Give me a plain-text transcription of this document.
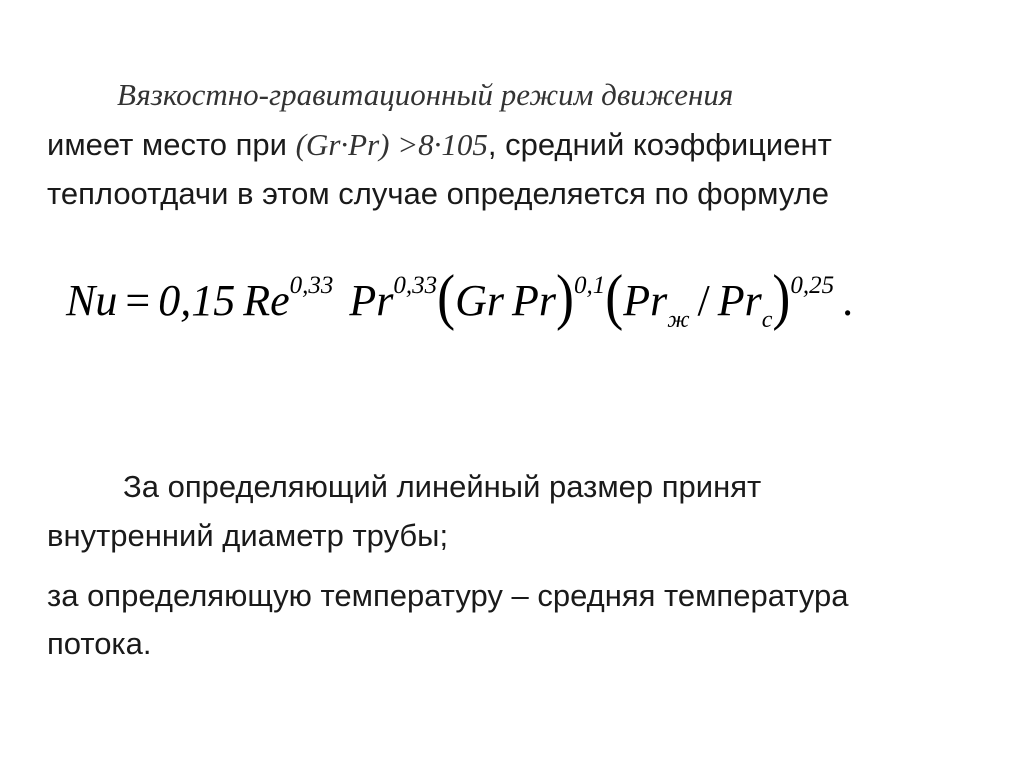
Вязкостно-гравитационный режим движения
имеет место при (Gr·Pr) >8·105, средний коэффициент
теплоотдачи в этом случае определяется по формуле
Nu = 0,15 Re$^{0,33}$ Pr$^{0,33}$(Gr $Pr)^{0,1}(Pr_ж / Pr_с)^{0,25}$ .
За определяющий линейный размер принят
внутренний диаметр трубы;
за определяющую температуру – средняя температура
потока.
